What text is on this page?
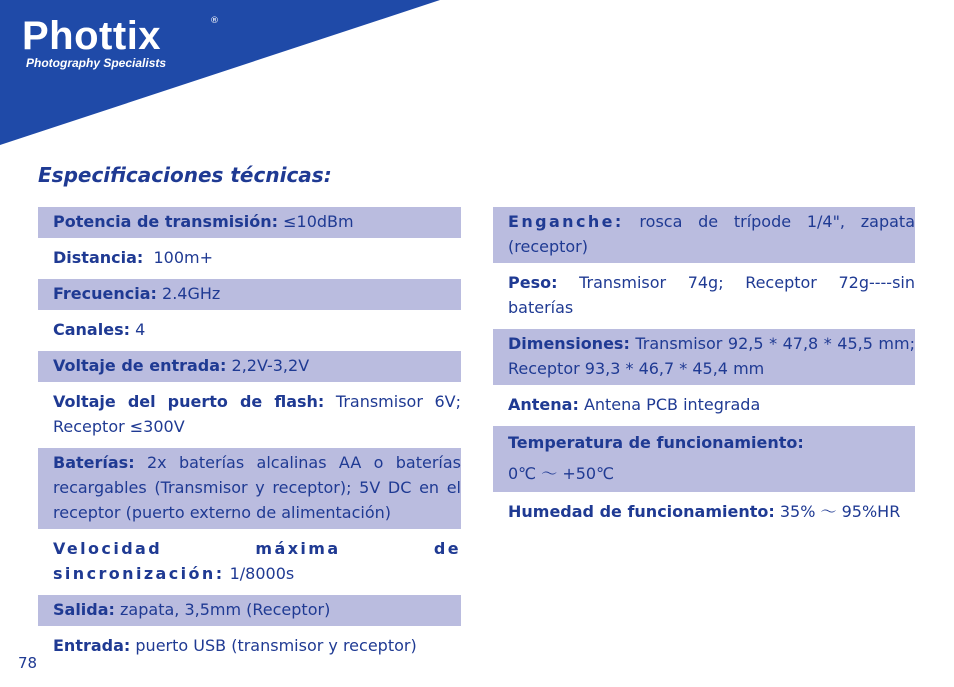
Phottix	®
Photography Specialists
Especificaciones técnicas:
Potencia de transmisión: ≤10dBm
Distancia:  100m+
Frecuencia: 2.4GHz
Canales: 4
Voltaje de entrada: 2,2V-3,2V
Voltaje del puerto de flash: Transmisor 6V; Receptor ≤300V
Baterías: 2x baterías alcalinas AA o baterías recargables (Transmisor y receptor); 5V DC en el receptor (puerto externo de alimentación)
Velocidad máxima de sincronización: 1/8000s
Salida: zapata, 3,5mm (Receptor)
Entrada: puerto USB (transmisor y receptor)
Enganche: rosca de trípode 1/4", zapata (receptor)
Peso: Transmisor 74g; Receptor 72g----sin baterías
Dimensiones: Transmisor 92,5 * 47,8 * 45,5 mm; Receptor 93,3 * 46,7 * 45,4 mm
Antena: Antena PCB integrada
Temperatura de funcionamiento:
0℃ ～ +50℃
Humedad de funcionamiento: 35% ～ 95%HR
78
